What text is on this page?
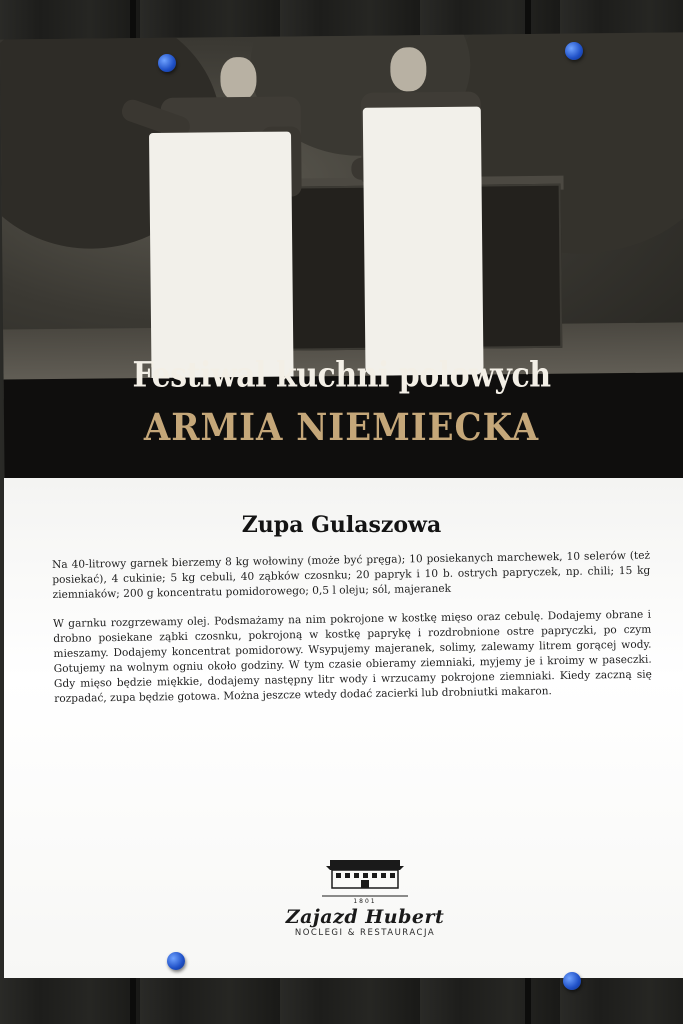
Festiwal kuchni polowych
ARMIA NIEMIECKA
Zupa Gulaszowa

Na 40-litrowy garnek bierzemy 8 kg wołowiny (może być pręga); 10 posiekanych marchewek, 10 selerów (też posiekać), 4 cukinie; 5 kg cebuli, 40 ząbków czosnku; 20 papryk i 10 b. ostrych papryczek, np. chili; 15 kg ziemniaków; 200 g koncentratu pomidorowego; 0,5 l oleju; sól, majeranek

W garnku rozgrzewamy olej. Podsmażamy na nim pokrojone w kostkę mięso oraz cebulę. Dodajemy obrane i drobno posiekane ząbki czosnku, pokrojoną w kostkę paprykę i rozdrobnione ostre papryczki, po czym mieszamy. Dodajemy koncentrat pomidorowy. Wsypujemy majeranek, solimy, zalewamy litrem gorącej wody. Gotujemy na wolnym ogniu około godziny. W tym czasie obieramy ziemniaki, myjemy je i kroimy w paseczki. Gdy mięso będzie miękkie, dodajemy następny litr wody i wrzucamy pokrojone ziemniaki. Kiedy zaczną się rozpadać, zupa będzie gotowa. Można jeszcze wtedy dodać zacierki lub drobniutki makaron.

1801
Zajazd Hubert
NOCLEGI & RESTAURACJA
